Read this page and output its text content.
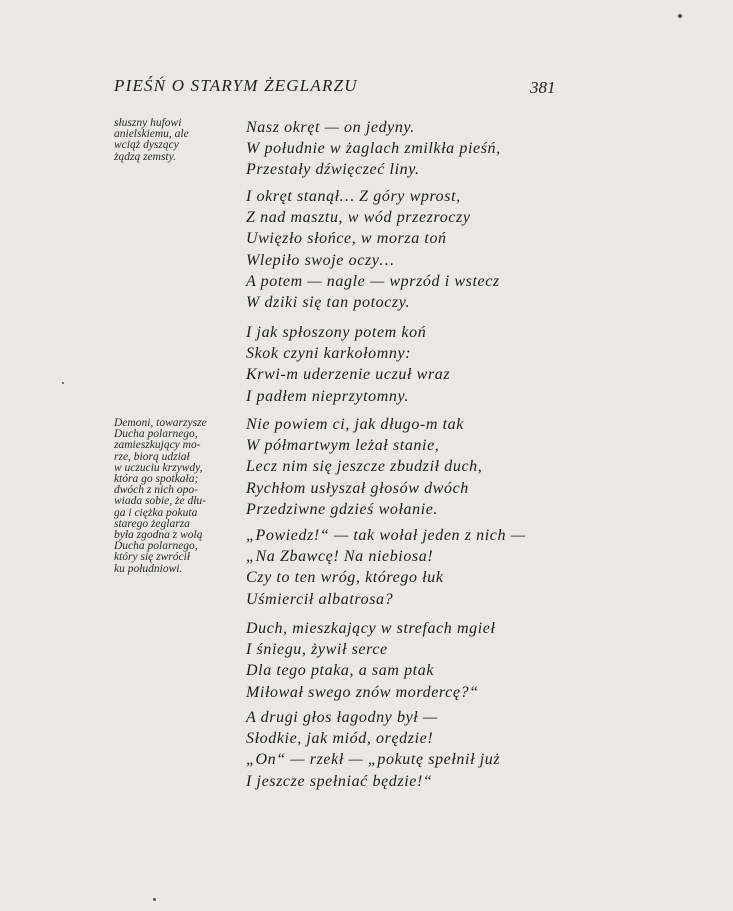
PIEŚŃ O STARYM ŻEGLARZU	381
słuszny hufowi
anielskiemu, ale
wciąż dyszący
żądzą zemsty.
Demoni, towarzysze
Ducha polarnego,
zamieszkujący mo-
rze, biorą udział
w uczuciu krzywdy,
która go spotkała;
dwóch z nich opo-
wiada sobie, że dłu-
ga i ciężka pokuta
starego żeglarza
była zgodna z wolą
Ducha polarnego,
który się zwrócił
ku południowi.
Nasz okręt — on jedyny.
W południe w żaglach zmilkła pieśń,
Przestały dźwięczeć liny.
I okręt stanął… Z góry wprost,
Z nad masztu, w wód przezroczy
Uwięzło słońce, w morza toń
Wlepiło swoje oczy…
A potem — nagle — wprzód i wstecz
W dziki się tan potoczy.
I jak spłoszony potem koń
Skok czyni karkołomny:
Krwi-m uderzenie uczuł wraz
I padłem nieprzytomny.
Nie powiem ci, jak długo-m tak
W półmartwym leżał stanie,
Lecz nim się jeszcze zbudził duch,
Rychłom usłyszał głosów dwóch
Przedziwne gdzieś wołanie.
„Powiedz!“ — tak wołał jeden z nich —
„Na Zbawcę! Na niebiosa!
Czy to ten wróg, którego łuk
Uśmiercił albatrosa?
Duch, mieszkający w strefach mgieł
I śniegu, żywił serce
Dla tego ptaka, a sam ptak
Miłował swego znów mordercę?“
A drugi głos łagodny był —
Słodkie, jak miód, orędzie!
„On“ — rzekł — „pokutę spełnił już
I jeszcze spełniać będzie!“
